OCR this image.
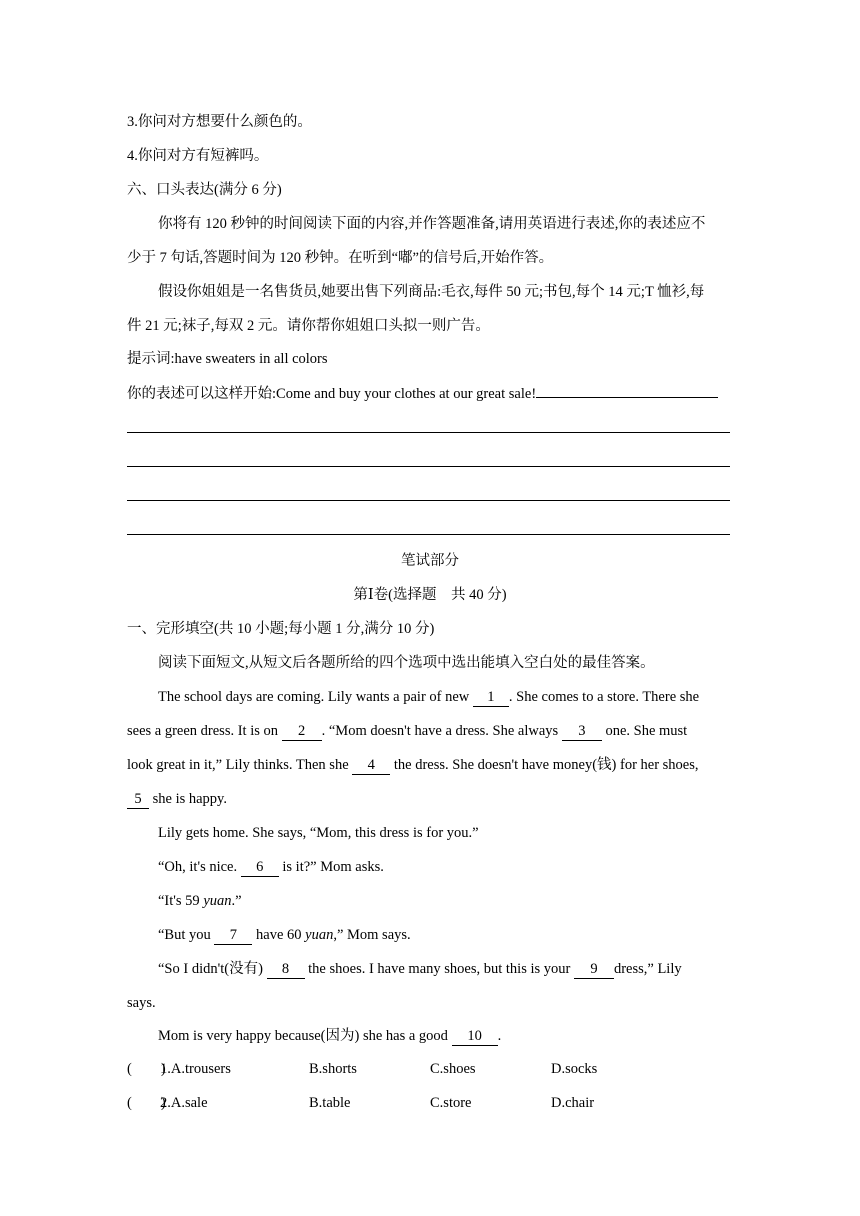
3.你问对方想要什么颜色的。
4.你问对方有短裤吗。
六、口头表达(满分 6 分)
你将有 120 秒钟的时间阅读下面的内容,并作答题准备,请用英语进行表述,你的表述应不
少于 7 句话,答题时间为 120 秒钟。在听到“嘟”的信号后,开始作答。
假设你姐姐是一名售货员,她要出售下列商品:毛衣,每件 50 元;书包,每个 14 元;T 恤衫,每
件 21 元;袜子,每双 2 元。请你帮你姐姐口头拟一则广告。
提示词:have sweaters in all colors
你的表述可以这样开始:Come and buy your clothes at our great sale!
笔试部分
第Ⅰ卷(选择题　共 40 分)
一、完形填空(共 10 小题;每小题 1 分,满分 10 分)
阅读下面短文,从短文后各题所给的四个选项中选出能填入空白处的最佳答案。
The school days are coming. Lily wants a pair of new 1 . She comes to a store. There she
sees a green dress. It is on 2 . “Mom doesn't have a dress. She always 3 one. She must
look great in it,” Lily thinks. Then she 4 the dress. She doesn't have money(钱) for her shoes,
5 she is happy.
Lily gets home. She says, “Mom, this dress is for you.”
“Oh, it's nice. 6 is it?” Mom asks.
“It's 59 yuan.”
“But you 7 have 60 yuan,” Mom says.
“So I didn't(没有) 8 the shoes. I have many shoes, but this is your 9 dress,” Lily
says.
Mom is very happy because(因为) she has a good 10 .
(　　)
1.A.trousers	B.shorts	C.shoes	D.socks
(　　)
2.A.sale	B.table	C.store	D.chair
